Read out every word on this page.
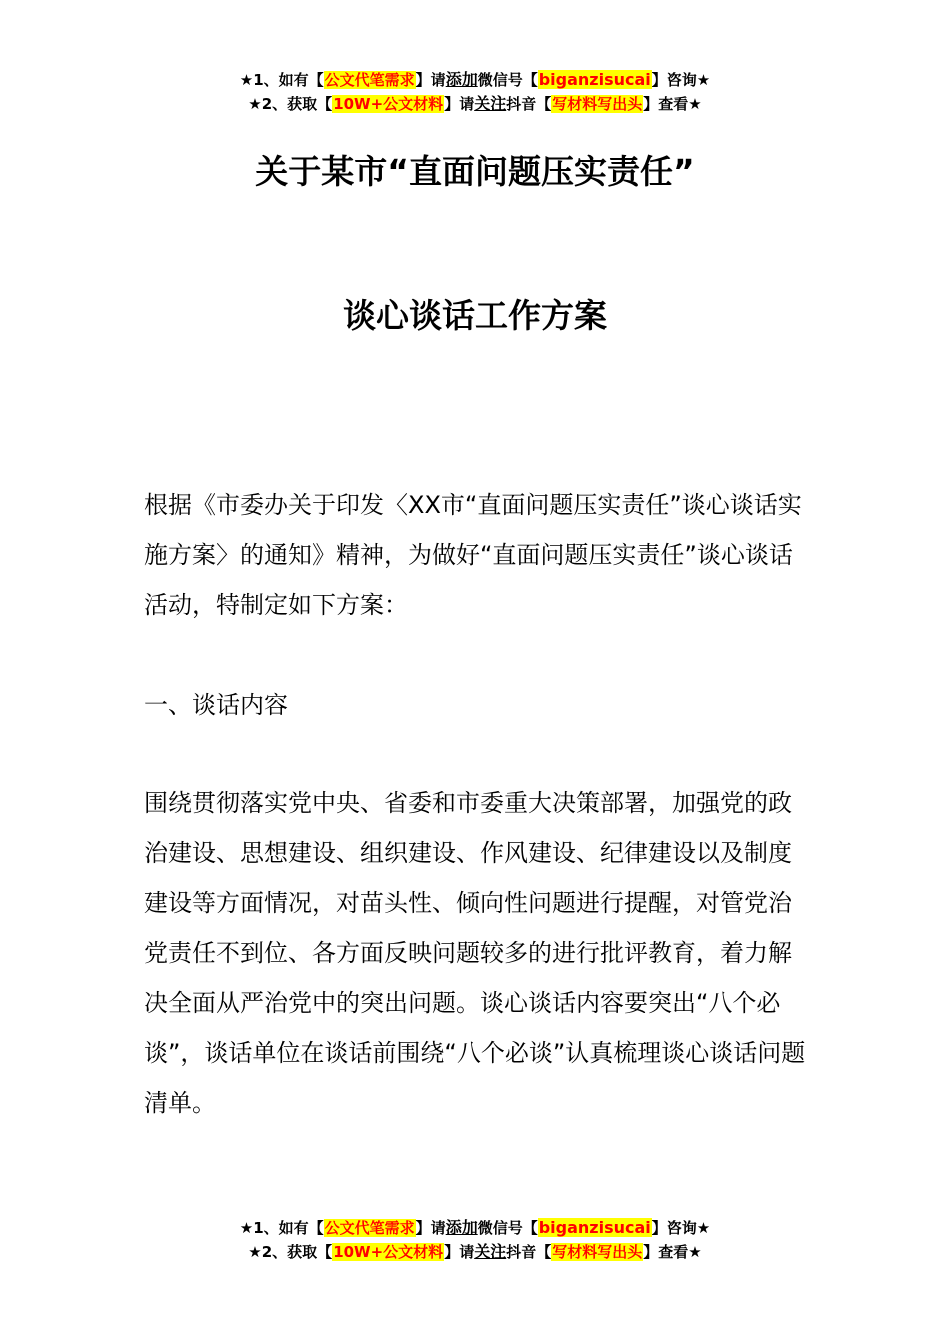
★1、如有【公文代笔需求】请添加微信号【biganzisucai】咨询★
★2、获取【10W+公文材料】请关注抖音【写材料写出头】查看★
关于某市“直面问题压实责任”
谈心谈话工作方案

根据《市委办关于印发〈XX市“直面问题压实责任”谈心谈话实施方案〉的通知》精神，为做好“直面问题压实责任”谈心谈话活动，特制定如下方案：

一、谈话内容

围绕贯彻落实党中央、省委和市委重大决策部署，加强党的政治建设、思想建设、组织建设、作风建设、纪律建设以及制度建设等方面情况，对苗头性、倾向性问题进行提醒，对管党治党责任不到位、各方面反映问题较多的进行批评教育，着力解决全面从严治党中的突出问题。谈心谈话内容要突出“八个必谈”，谈话单位在谈话前围绕“八个必谈”认真梳理谈心谈话问题清单。

★1、如有【公文代笔需求】请添加微信号【biganzisucai】咨询★
★2、获取【10W+公文材料】请关注抖音【写材料写出头】查看★
